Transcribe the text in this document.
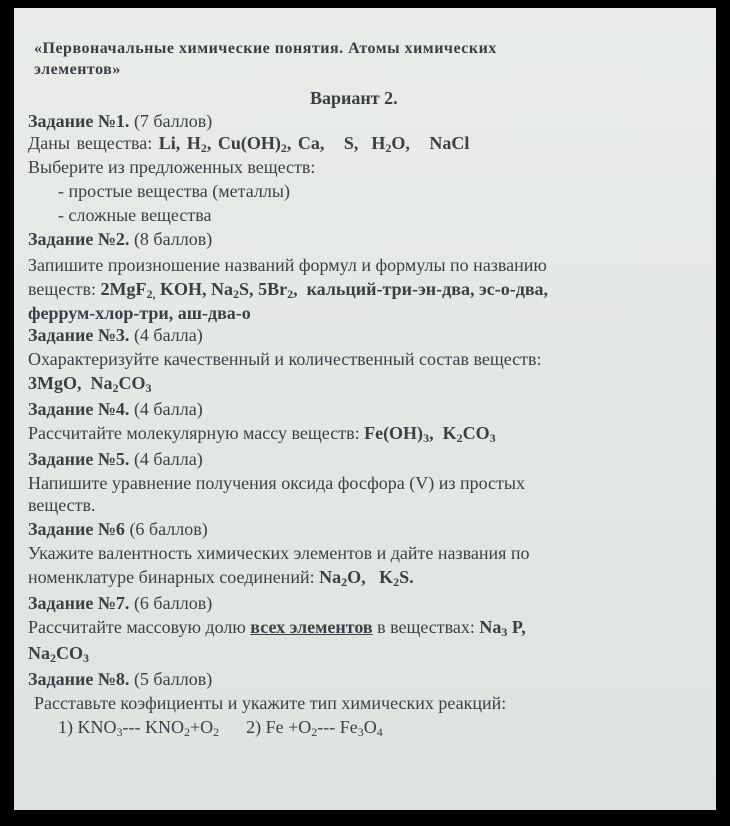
«Первоначальные химические понятия. Атомы химических
элементов»
Вариант 2.
Задание №1. (7 баллов)
Даны вещества: Li, $H_2$, $Cu(OH)_2$, Ca, S, $H_2O$, NaCl
Выберите из предложенных веществ:
- простые вещества (металлы)
- сложные вещества
Задание №2. (8 баллов)
Запишите произношение названий формул и формулы по названию
веществ: 2MgF$_{2,}$ KOH, $Na_2S$, $5Br_2$, кальций-три-эн-два, эс-о-два,
феррум-хлор-три, аш-два-о
Задание №3. (4 балла)
Охарактеризуйте качественный и количественный состав веществ:
3MgO, $Na_2CO_3$
Задание №4. (4 балла)
Рассчитайте молекулярную массу веществ: $Fe(OH)_3$, $K_2CO_3$
Задание №5. (4 балла)
Напишите уравнение получения оксида фосфора (V) из простых
веществ.
Задание №6 (6 баллов)
Укажите валентность химических элементов и дайте названия по
номенклатуре бинарных соединений: $Na_2O$, $K_2S$.
Задание №7. (6 баллов)
Рассчитайте массовую долю всех элементов в веществах: $Na_3$ P,
$Na_2CO_3$
Задание №8. (5 баллов)
Расставьте коэфициенты и укажите тип химических реакций:
1) $KNO_3---$ $KNO_2+O_2$ 2) $Fe +O_2---$ $Fe_3O_4$
